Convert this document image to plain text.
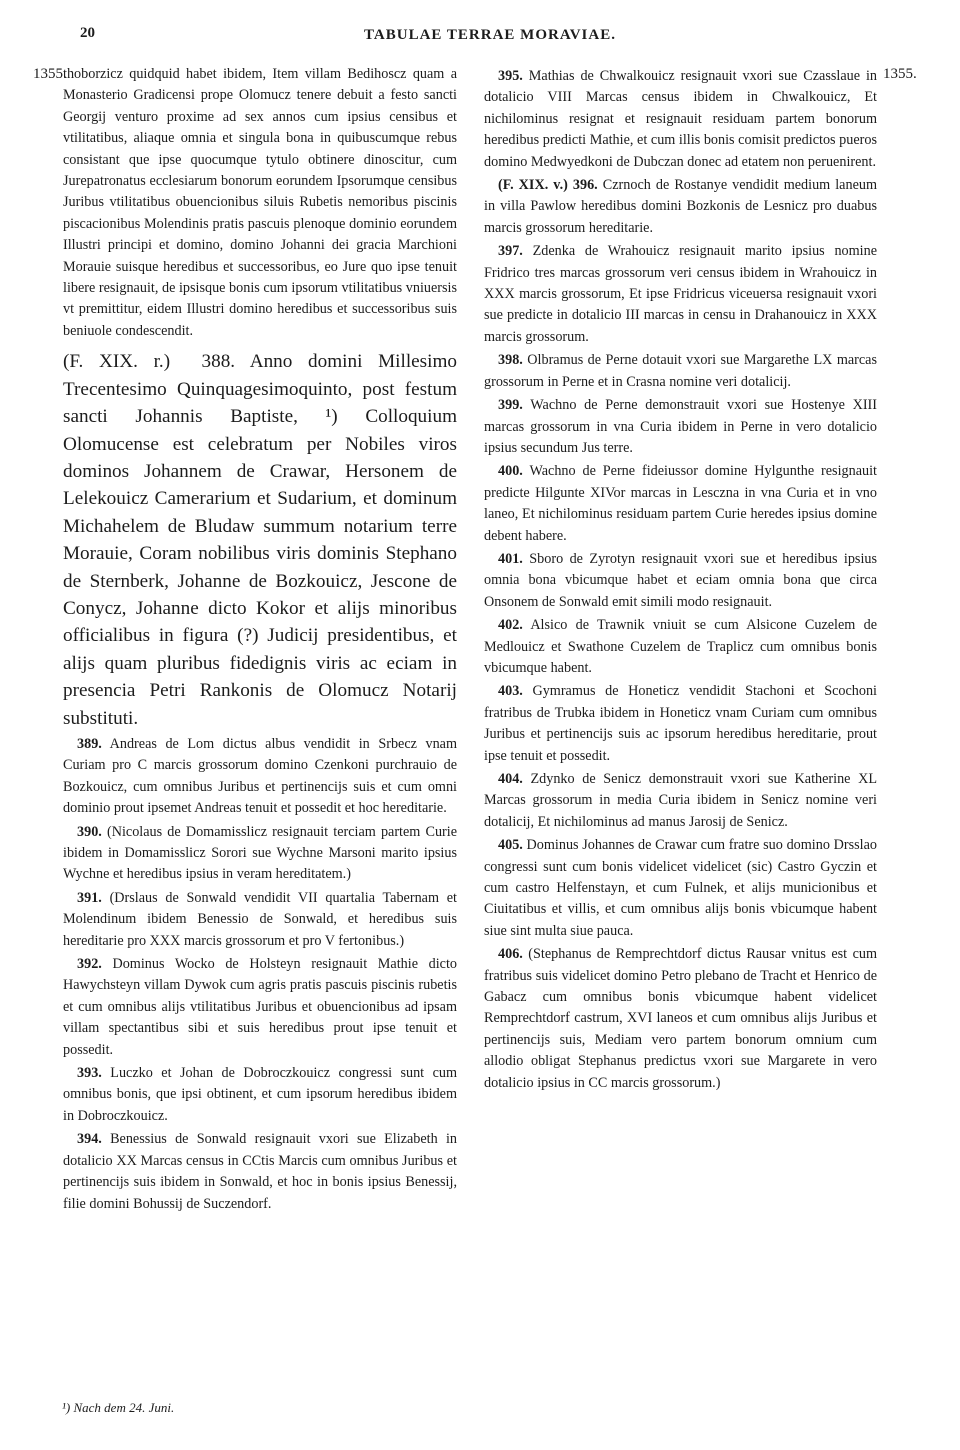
20	TABULAE TERRAE MORAVIAE.
1355.	1355.

thoborzicz quidquid habet ibidem, Item villam Bedihoscz quam a Monasterio Gradicensi prope Olomucz tenere debuit a festo sancti Georgij venturo proxime ad sex annos cum ipsius censibus et vtilitatibus, aliaque omnia et singula bona in quibuscumque rebus consistant que ipse quocumque tytulo obtinere dinoscitur, cum Jurepatronatus ecclesiarum bonorum eorundem Ipsorumque censibus Juribus vtilitatibus obuencionibus siluis Rubetis nemoribus piscinis piscacionibus Molendinis pratis pascuis plenoque dominio eorundem Illustri principi et domino, domino Johanni dei gracia Marchioni Morauie suisque heredibus et successoribus, eo Jure quo ipse tenuit libere resignauit, de ipsisque bonis cum ipsorum vtilitatibus vniuersis vt premittitur, eidem Illustri domino heredibus et successoribus suis beniuole condescendit.

(F. XIX. r.) 388. Anno domini Millesimo Trecentesimo Quinquagesimoquinto, post festum sancti Johannis Baptiste, ¹) Colloquium Olomucense est celebratum per Nobiles viros dominos Johannem de Crawar, Hersonem de Lelekouicz Camerarium et Sudarium, et dominum Michahelem de Bludaw summum notarium terre Morauie, Coram nobilibus viris dominis Stephano de Sternberk, Johanne de Bozkouicz, Jescone de Conycz, Johanne dicto Kokor et alijs minoribus officialibus in figura (?) Judicij presidentibus, et alijs quam pluribus fidedignis viris ac eciam in presencia Petri Rankonis de Olomucz Notarij substituti.

389. Andreas de Lom dictus albus vendidit in Srbecz vnam Curiam pro C marcis grossorum domino Czenkoni purchrauio de Bozkouicz, cum omnibus Juribus et pertinencijs suis et cum omni dominio prout ipsemet Andreas tenuit et possedit et hoc hereditarie.

390. (Nicolaus de Domamisslicz resignauit terciam partem Curie ibidem in Domamisslicz Sorori sue Wychne Marsoni marito ipsius Wychne et heredibus ipsius in veram hereditatem.)

391. (Drslaus de Sonwald vendidit VII quartalia Tabernam et Molendinum ibidem Benessio de Sonwald, et heredibus suis hereditarie pro XXX marcis grossorum et pro V fertonibus.)

392. Dominus Wocko de Holsteyn resignauit Mathie dicto Hawychsteyn villam Dywok cum agris pratis pascuis piscinis rubetis et cum omnibus alijs vtilitatibus Juribus et obuencionibus ad ipsam villam spectantibus sibi et suis heredibus prout ipse tenuit et possedit.

393. Luczko et Johan de Dobroczkouicz congressi sunt cum omnibus bonis, que ipsi obtinent, et cum ipsorum heredibus ibidem in Dobroczkouicz.

394. Benessius de Sonwald resignauit vxori sue Elizabeth in dotalicio XX Marcas census in CCtis Marcis cum omnibus Juribus et pertinencijs suis ibidem in Sonwald, et hoc in bonis ipsius Benessij, filie domini Bohussij de Suczendorf.

395. Mathias de Chwalkouicz resignauit vxori sue Czasslaue in dotalicio VIII Marcas census ibidem in Chwalkouicz, Et nichilominus resignat et resignauit residuam partem bonorum heredibus predicti Mathie, et cum illis bonis comisit predictos pueros domino Medwyedkoni de Dubczan donec ad etatem non peruenirent.

(F. XIX. v.) 396. Czrnoch de Rostanye vendidit medium laneum in villa Pawlow heredibus domini Bozkonis de Lesnicz pro duabus marcis grossorum hereditarie.

397. Zdenka de Wrahouicz resignauit marito ipsius nomine Fridrico tres marcas grossorum veri census ibidem in Wrahouicz in XXX marcis grossorum, Et ipse Fridricus viceuersa resignauit vxori sue predicte in dotalicio III marcas in censu in Drahanouicz in XXX marcis grossorum.

398. Olbramus de Perne dotauit vxori sue Margarethe LX marcas grossorum in Perne et in Crasna nomine veri dotalicij.

399. Wachno de Perne demonstrauit vxori sue Hostenye XIII marcas grossorum in vna Curia ibidem in Perne in vero dotalicio ipsius secundum Jus terre.

400. Wachno de Perne fideiussor domine Hylgunthe resignauit predicte Hilgunte XIVor marcas in Lesczna in vna Curia et in vno laneo, Et nichilominus residuam partem Curie heredes ipsius domine debent habere.

401. Sboro de Zyrotyn resignauit vxori sue et heredibus ipsius omnia bona vbicumque habet et eciam omnia bona que circa Onsonem de Sonwald emit simili modo resignauit.

402. Alsico de Trawnik vniuit se cum Alsicone Cuzelem de Medlouicz et Swathone Cuzelem de Traplicz cum omnibus bonis vbicumque habent.

403. Gymramus de Honeticz vendidit Stachoni et Scochoni fratribus de Trubka ibidem in Honeticz vnam Curiam cum omnibus Juribus et pertinencijs suis ac ipsorum heredibus hereditarie, prout ipse tenuit et possedit.

404. Zdynko de Senicz demonstrauit vxori sue Katherine XL Marcas grossorum in media Curia ibidem in Senicz nomine veri dotalicij, Et nichilominus ad manus Jarosij de Senicz.

405. Dominus Johannes de Crawar cum fratre suo domino Drsslao congressi sunt cum bonis videlicet videlicet (sic) Castro Gyczin et cum castro Helfenstayn, et cum Fulnek, et alijs municionibus et Ciuitatibus et villis, et cum omnibus alijs bonis vbicumque habent siue sint multa siue pauca.

406. (Stephanus de Remprechtdorf dictus Rausar vnitus est cum fratribus suis videlicet domino Petro plebano de Tracht et Henrico de Gabacz cum omnibus bonis vbicumque habent videlicet Remprechtdorf castrum, XVI laneos et cum omnibus alijs Juribus et pertinencijs suis, Mediam vero partem bonorum omnium cum allodio obligat Stephanus predictus vxori sue Margarete in vero dotalicio ipsius in CC marcis grossorum.)

¹) Nach dem 24. Juni.
